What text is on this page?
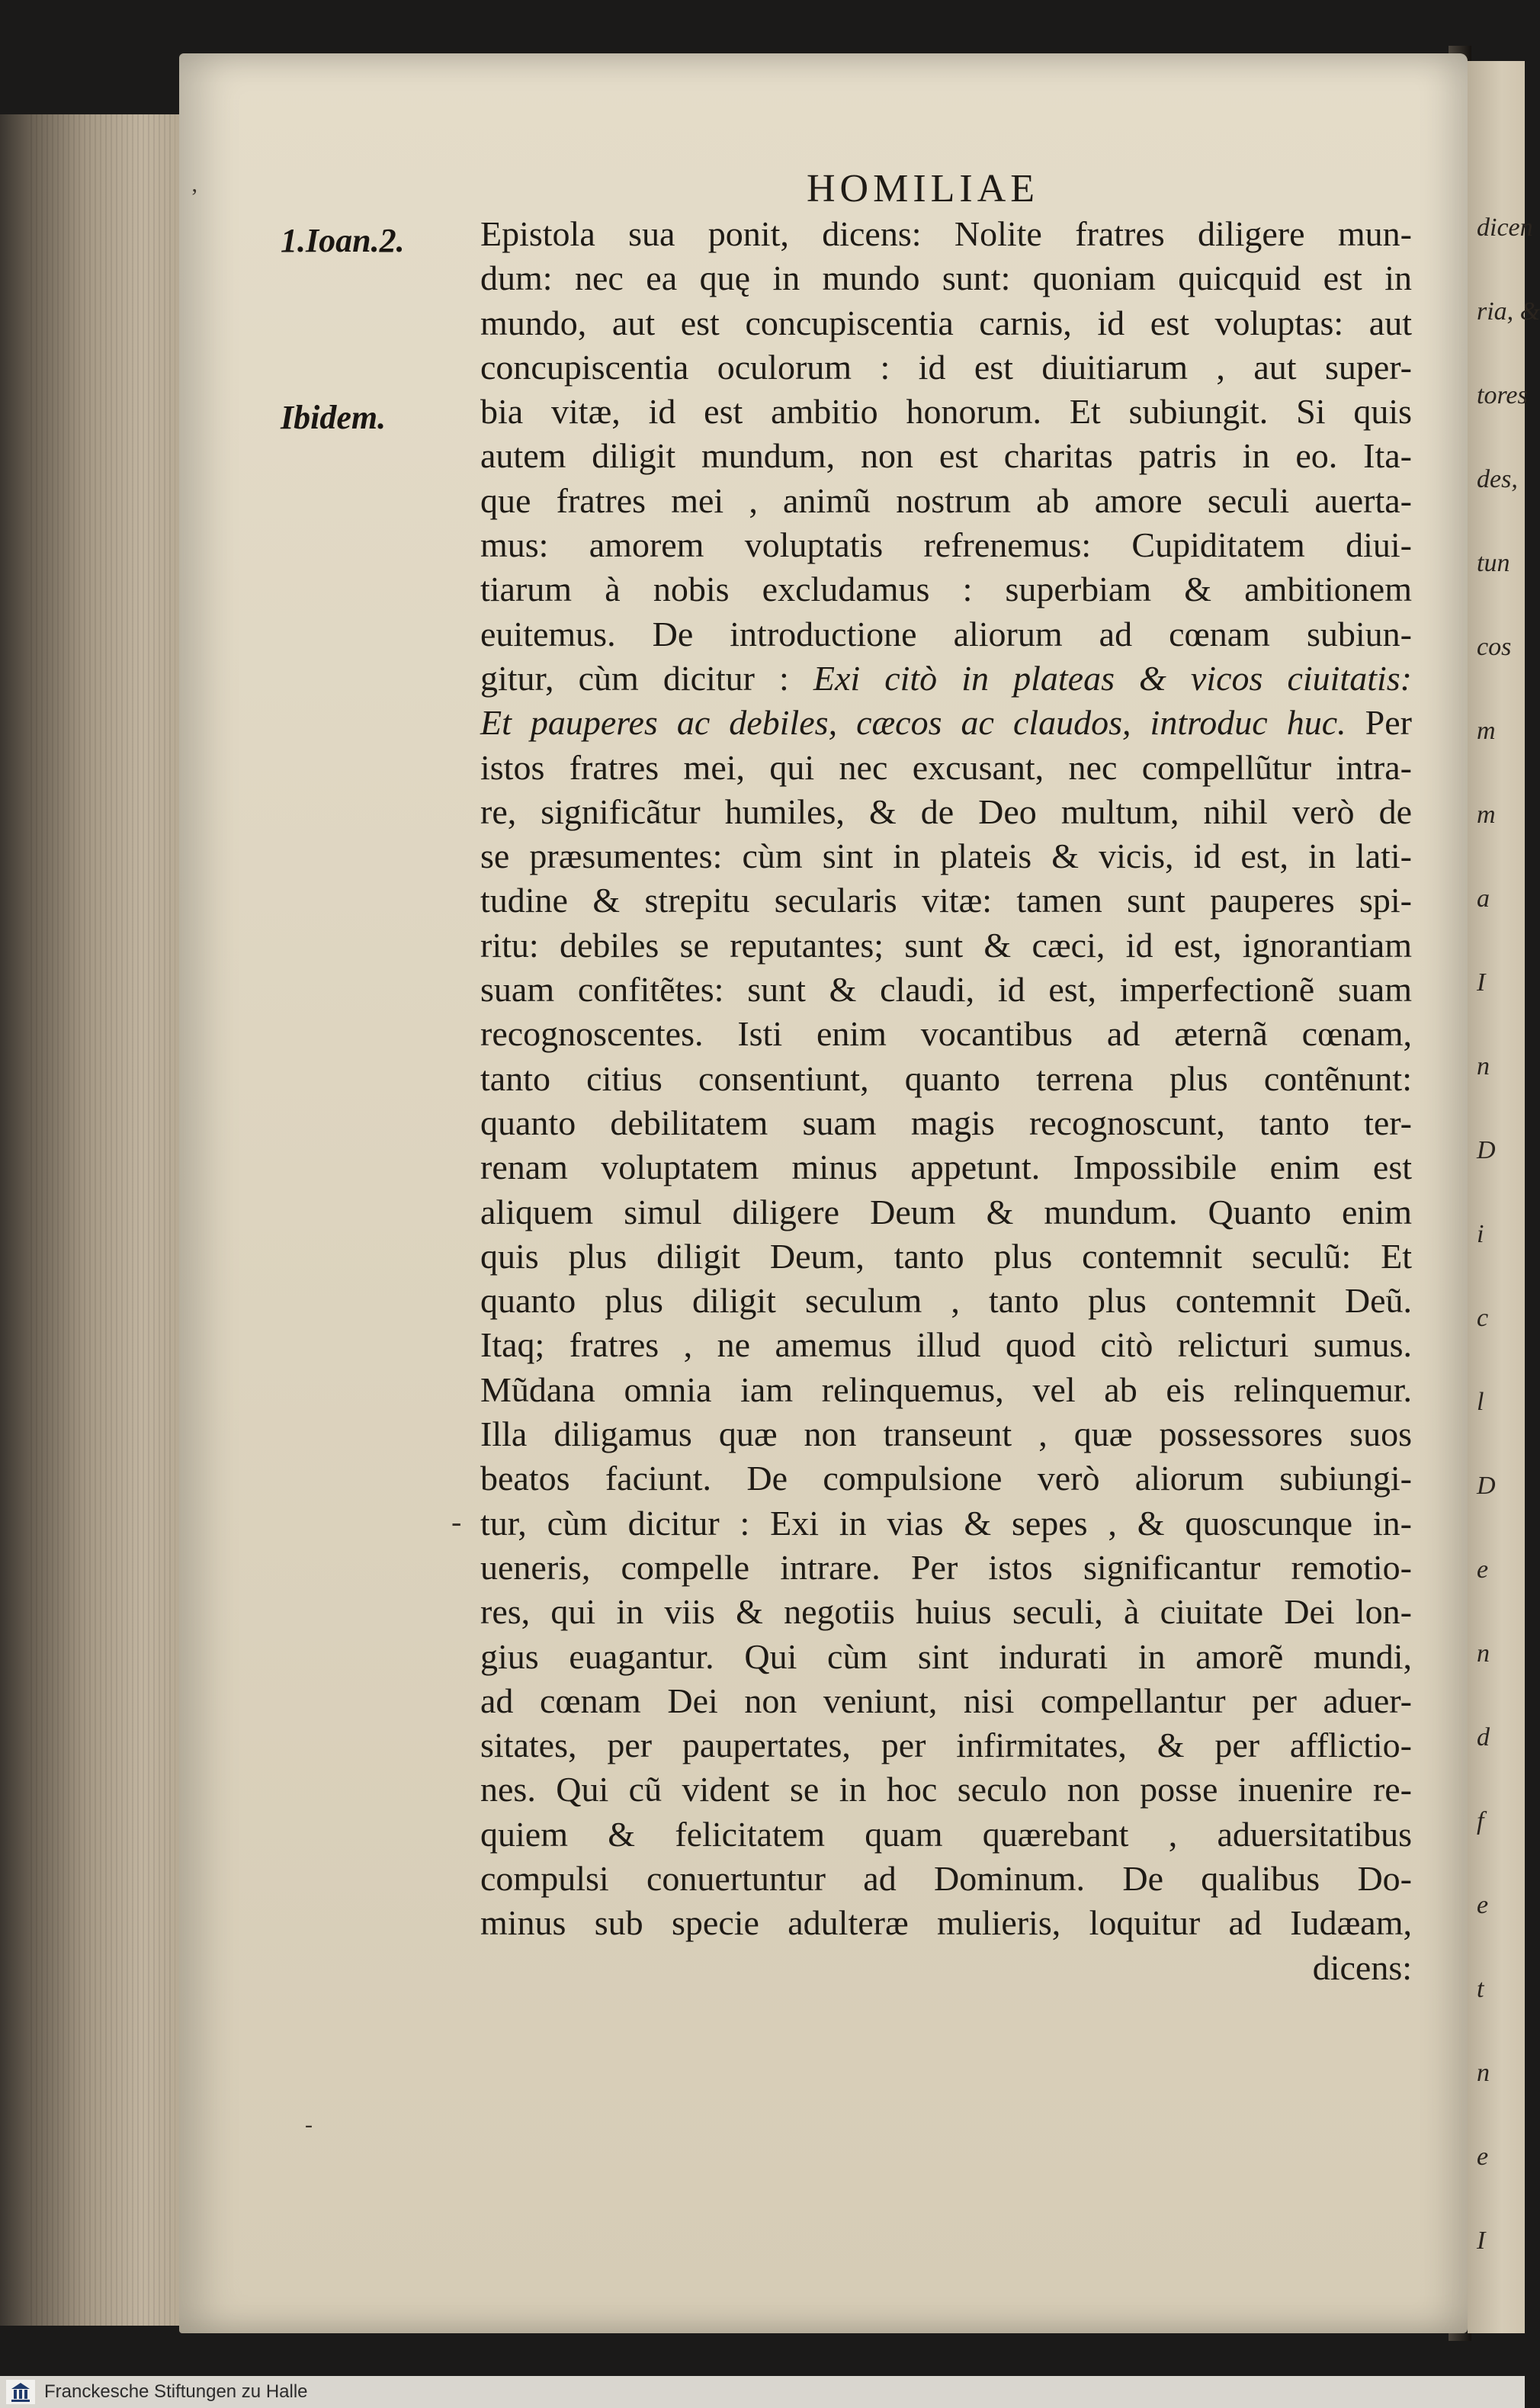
dicen
ria, &
tores
des,
tun
cos
m
m
a
I
n
D
i
c
l
D
e
n
d
f
e
t
n
e
I
HOMILIAE
1.Ioan.2.
Ibidem.
ʼ
-
-
Epistola sua ponit, dicens: Nolite fratres diligere mun-
dum: nec ea quę in mundo sunt: quoniam quicquid est in
mundo, aut est concupiscentia carnis, id est voluptas: aut
concupiscentia oculorum : id est diuitiarum , aut super-
bia vitæ, id est ambitio honorum. Et subiungit. Si quis
autem diligit mundum, non est charitas patris in eo. Ita-
que fratres mei , animũ nostrum ab amore seculi auerta-
mus: amorem voluptatis refrenemus: Cupiditatem diui-
tiarum à nobis excludamus : superbiam & ambitionem
euitemus. De introductione aliorum ad cœnam subiun-
gitur, cùm dicitur : Exi citò in plateas & vicos ciuitatis:
Et pauperes ac debiles, cæcos ac claudos, introduc huc. Per
istos fratres mei, qui nec excusant, nec compellũtur intra-
re, significãtur humiles, & de Deo multum, nihil verò de
se præsumentes: cùm sint in plateis & vicis, id est, in lati-
tudine & strepitu secularis vitæ: tamen sunt pauperes spi-
ritu: debiles se reputantes; sunt & cæci, id est, ignorantiam
suam confitẽtes: sunt & claudi, id est, imperfectionẽ suam
recognoscentes. Isti enim vocantibus ad æternã cœnam,
tanto citius consentiunt, quanto terrena plus contẽnunt:
quanto debilitatem suam magis recognoscunt, tanto ter-
renam voluptatem minus appetunt. Impossibile enim est
aliquem simul diligere Deum & mundum. Quanto enim
quis plus diligit Deum, tanto plus contemnit seculũ: Et
quanto plus diligit seculum , tanto plus contemnit Deũ.
Itaq; fratres , ne amemus illud quod citò relicturi sumus.
Mũdana omnia iam relinquemus, vel ab eis relinquemur.
Illa diligamus quæ non transeunt , quæ possessores suos
beatos faciunt. De compulsione verò aliorum subiungi-
tur, cùm dicitur : Exi in vias & sepes , & quoscunque in-
ueneris, compelle intrare. Per istos significantur remotio-
res, qui in viis & negotiis huius seculi, à ciuitate Dei lon-
gius euagantur. Qui cùm sint indurati in amorẽ mundi,
ad cœnam Dei non veniunt, nisi compellantur per aduer-
sitates, per paupertates, per infirmitates, & per afflictio-
nes. Qui cũ vident se in hoc seculo non posse inuenire re-
quiem & felicitatem quam quærebant , aduersitatibus
compulsi conuertuntur ad Dominum. De qualibus Do-
minus sub specie adulteræ mulieris, loquitur ad Iudæam,
dicens:
Franckesche Stiftungen zu Halle
